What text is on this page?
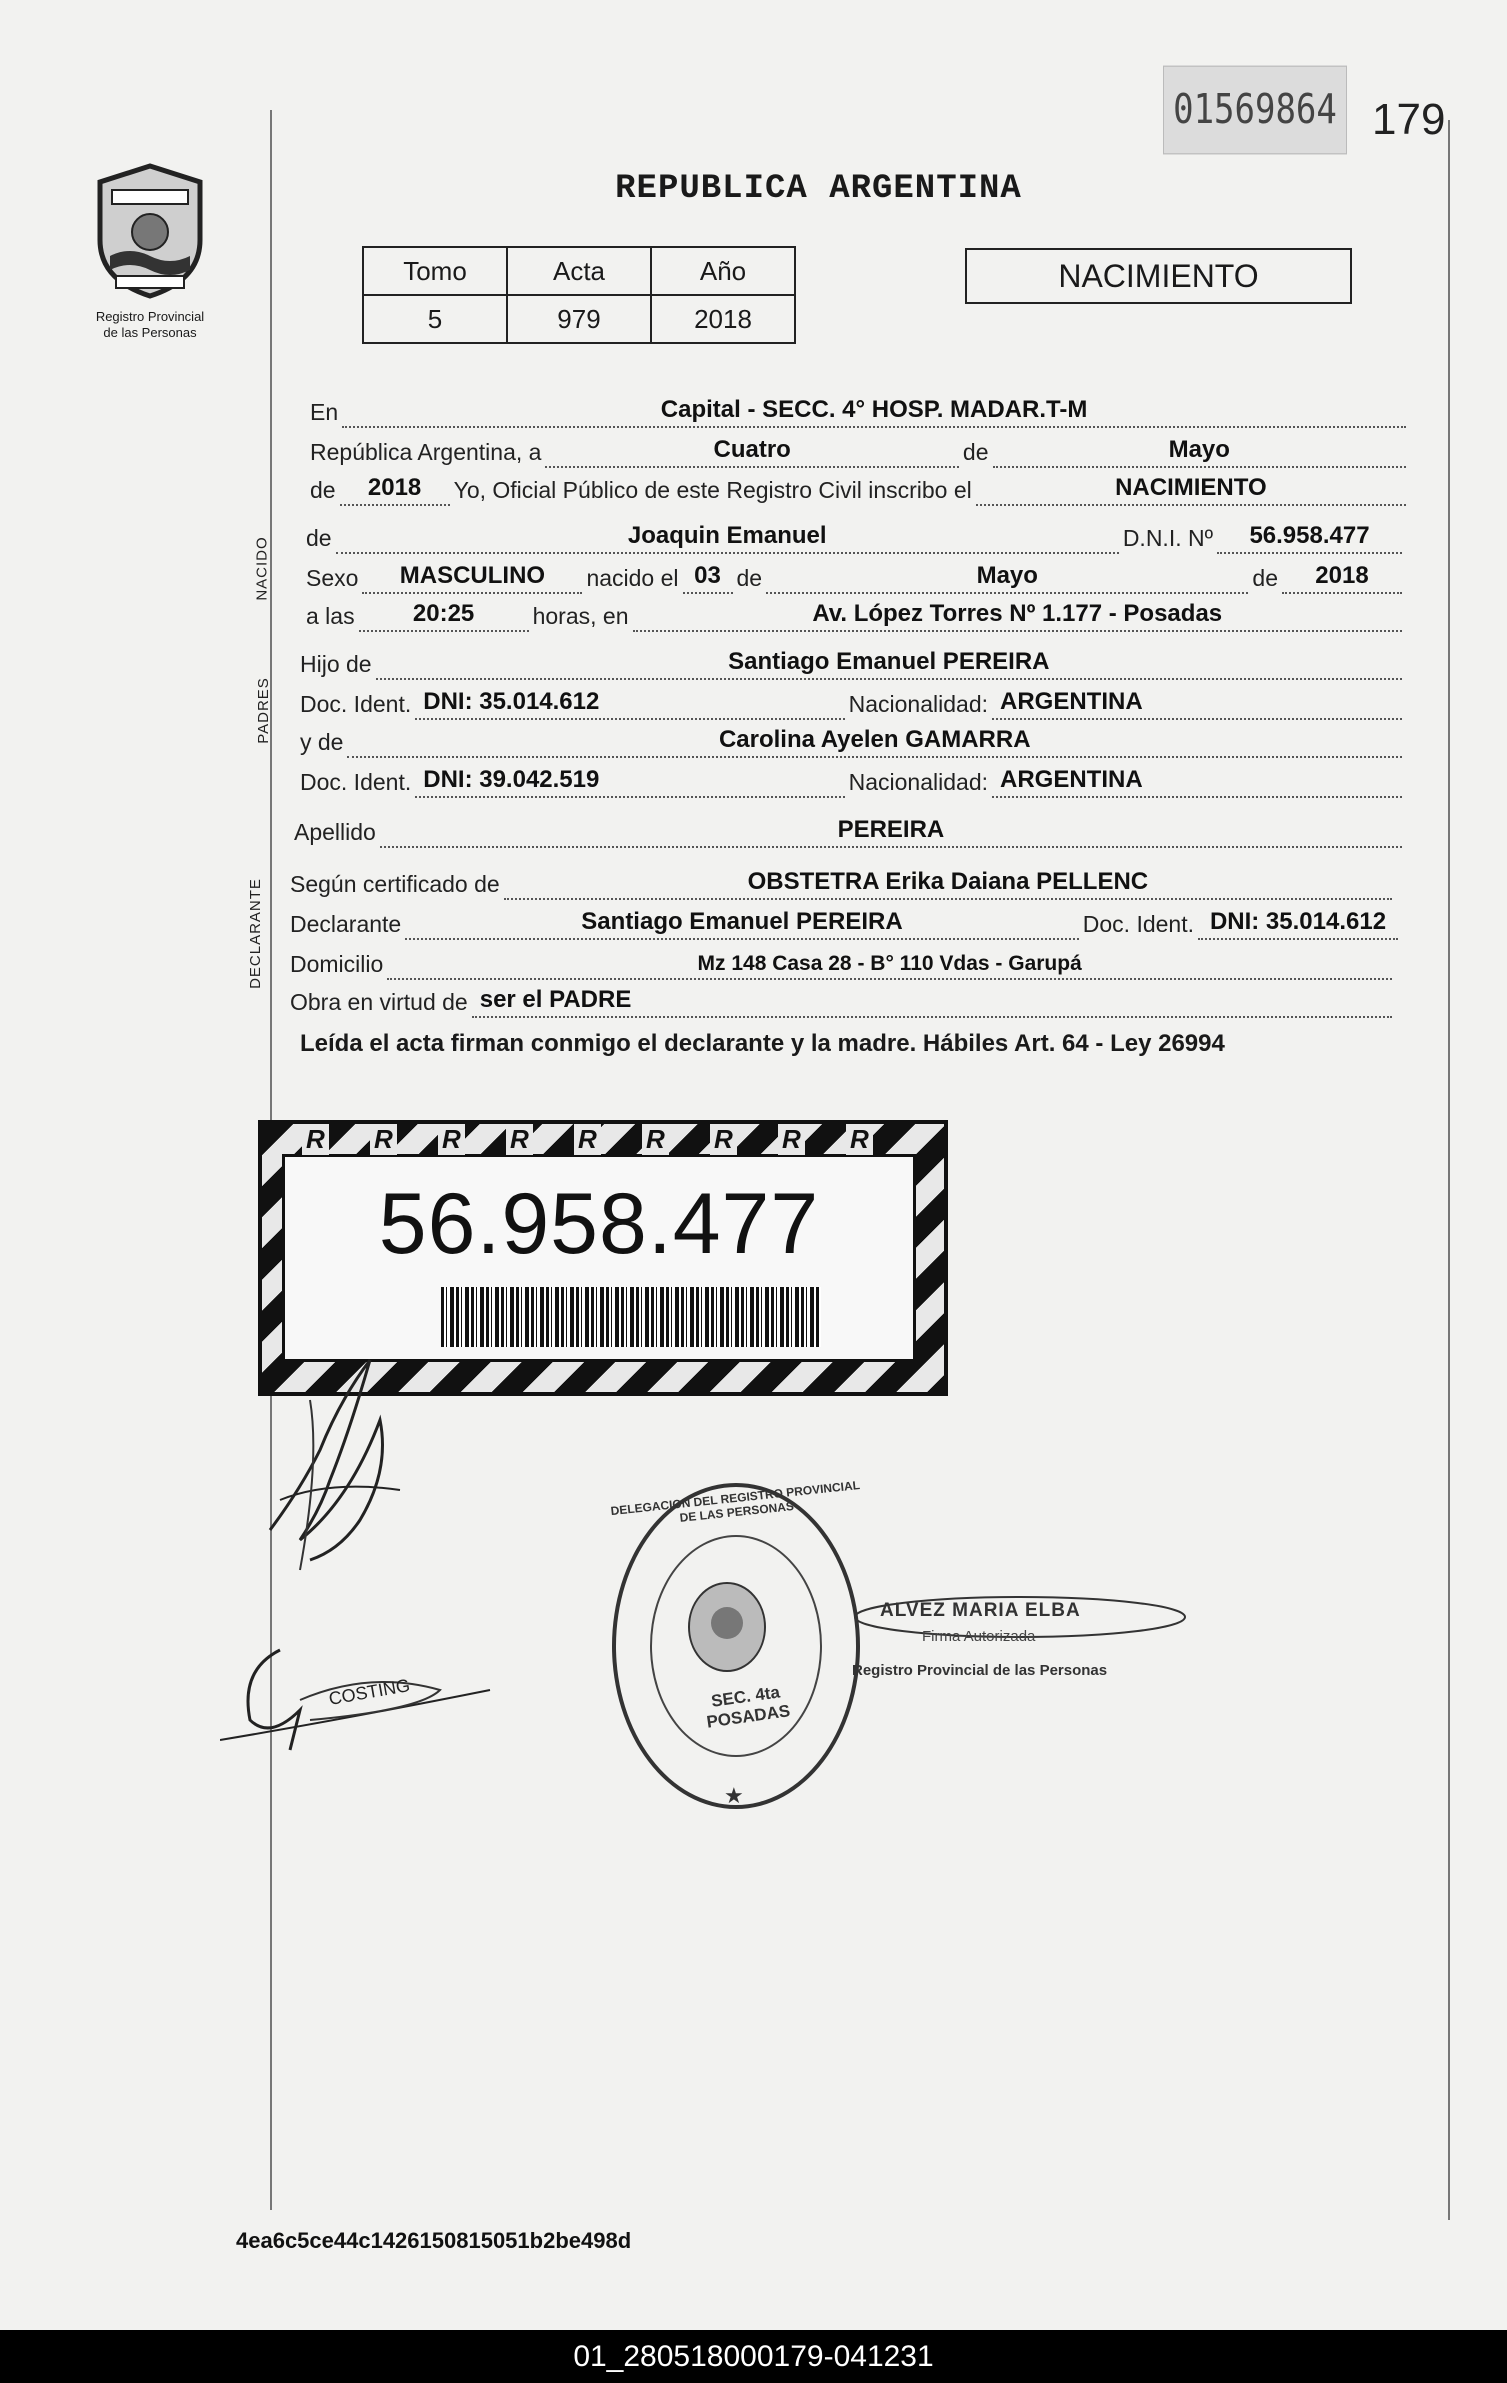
01569864 179
Registro Provincial
de las Personas
REPUBLICA ARGENTINA
Tomo	Acta	Año
5	979	2018
NACIMIENTO
En	Capital - SECC. 4° HOSP. MADAR.T-M
República Argentina, a	Cuatro	de	Mayo
de	2018	Yo, Oficial Público de este Registro Civil inscribo el	NACIMIENTO
NACIDO de	Joaquin Emanuel	D.N.I. Nº	56.958.477
Sexo	MASCULINO	nacido el 03 de	Mayo	de	2018
a las	20:25	horas, en	Av. López Torres Nº 1.177 - Posadas
PADRES
Hijo de	Santiago Emanuel PEREIRA
Doc. Ident. DNI: 35.014.612	Nacionalidad: ARGENTINA
y de	Carolina Ayelen GAMARRA
Doc. Ident. DNI: 39.042.519	Nacionalidad: ARGENTINA
Apellido	PEREIRA
DECLARANTE Según certificado de	OBSTETRA Erika Daiana PELLENC
Declarante	Santiago Emanuel PEREIRA	Doc. Ident. DNI: 35.014.612
Domicilio	Mz 148 Casa 28 - B° 110 Vdas - Garupá
Obra en virtud de ser el PADRE
Leída el acta firman conmigo el declarante y la madre. Hábiles Art. 64 - Ley 26994
56.958.477
R R R R R R R R R
COSTING	SEC. 4ta POSADAS
DELEGACION DEL REGISTRO PROVINCIAL DE LAS PERSONAS
★
ALVEZ MARIA ELBA
Firma Autorizada
Registro Provincial de las Personas
4ea6c5ce44c1426150815051b2be498d
01_280518000179-041231
